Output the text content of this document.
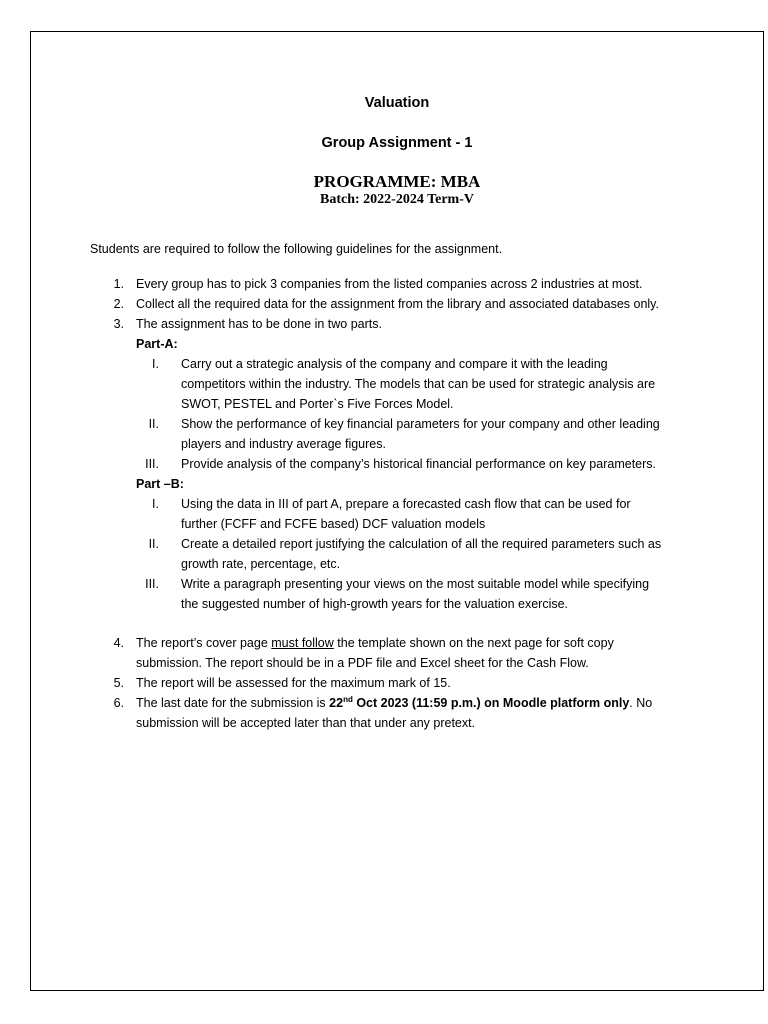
Valuation
Group Assignment - 1
PROGRAMME: MBA
Batch: 2022-2024 Term-V
Students are required to follow the following guidelines for the assignment.
1. Every group has to pick 3 companies from the listed companies across 2 industries at most.
2. Collect all the required data for the assignment from the library and associated databases only.
3. The assignment has to be done in two parts.
Part-A:
I. Carry out a strategic analysis of the company and compare it with the leading
competitors within the industry. The models that can be used for strategic analysis are
SWOT, PESTEL and Porter`s Five Forces Model.
II. Show the performance of key financial parameters for your company and other leading
players and industry average figures.
III. Provide analysis of the company’s historical financial performance on key parameters.
Part –B:
I. Using the data in III of part A, prepare a forecasted cash flow that can be used for
further (FCFF and FCFE based) DCF valuation models
II. Create a detailed report justifying the calculation of all the required parameters such as
growth rate, percentage, etc.
III. Write a paragraph presenting your views on the most suitable model while specifying
the suggested number of high-growth years for the valuation exercise.
4. The report’s cover page must follow the template shown on the next page for soft copy
submission. The report should be in a PDF file and Excel sheet for the Cash Flow.
5. The report will be assessed for the maximum mark of 15.
6. The last date for the submission is 22nd Oct 2023 (11:59 p.m.) on Moodle platform only. No
submission will be accepted later than that under any pretext.
